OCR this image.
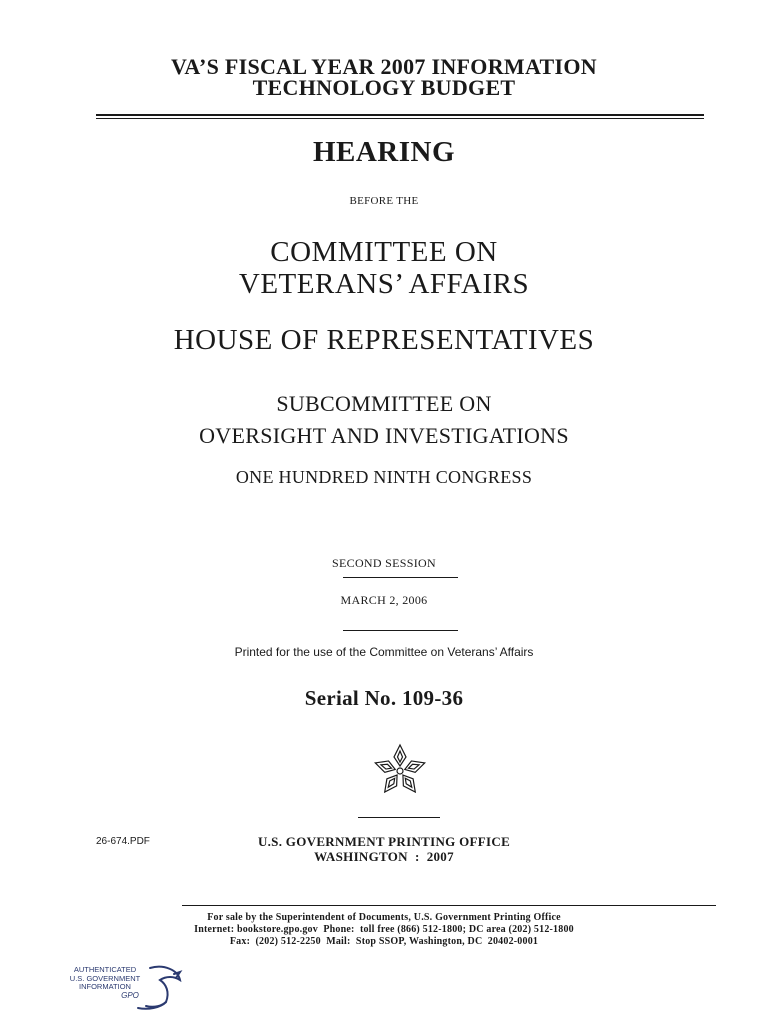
VA’S FISCAL YEAR 2007 INFORMATION
TECHNOLOGY BUDGET
HEARING
BEFORE THE
COMMITTEE ON
VETERANS’ AFFAIRS
HOUSE OF REPRESENTATIVES
SUBCOMMITTEE ON
OVERSIGHT AND INVESTIGATIONS
ONE HUNDRED NINTH CONGRESS
SECOND SESSION
MARCH 2, 2006
Printed for the use of the Committee on Veterans’ Affairs
Serial No. 109-36
26-674.PDF	U.S. GOVERNMENT PRINTING OFFICE
WASHINGTON  :  2007
For sale by the Superintendent of Documents, U.S. Government Printing Office
Internet: bookstore.gpo.gov  Phone:  toll free (866) 512-1800; DC area (202) 512-1800
Fax:  (202) 512-2250  Mail:  Stop SSOP, Washington, DC  20402-0001
AUTHENTICATED
U.S. GOVERNMENT
INFORMATION
GPO
